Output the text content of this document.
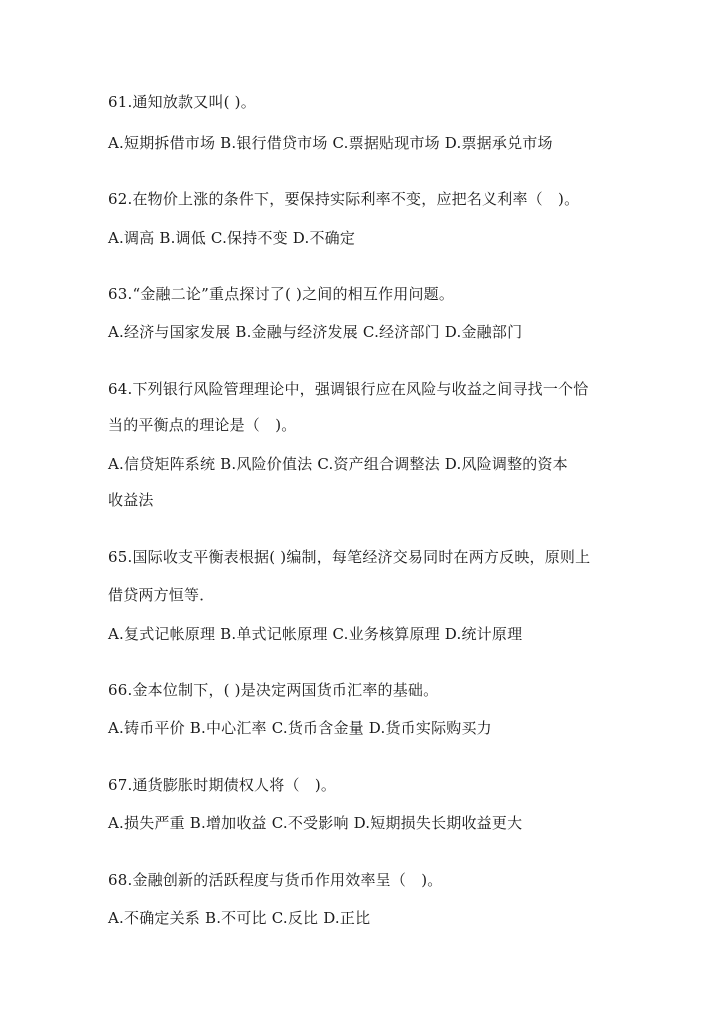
61.通知放款又叫( )。
A.短期拆借市场 B.银行借贷市场 C.票据贴现市场 D.票据承兑市场
62.在物价上涨的条件下，要保持实际利率不变，应把名义利率（　)。
A.调高 B.调低 C.保持不变 D.不确定
63.“金融二论”重点探讨了( )之间的相互作用问题。
A.经济与国家发展 B.金融与经济发展 C.经济部门 D.金融部门
64.下列银行风险管理理论中，强调银行应在风险与收益之间寻找一个恰
当的平衡点的理论是（　)。
A.信贷矩阵系统 B.风险价值法 C.资产组合调整法 D.风险调整的资本
收益法
65.国际收支平衡表根据( )编制，每笔经济交易同时在两方反映，原则上
借贷两方恒等．
A.复式记帐原理 B.单式记帐原理 C.业务核算原理 D.统计原理
66.金本位制下，( )是决定两国货币汇率的基础。
A.铸币平价 B.中心汇率 C.货币含金量 D.货币实际购买力
67.通货膨胀时期债权人将（　)。
A.损失严重 B.增加收益 C.不受影响 D.短期损失长期收益更大
68.金融创新的活跃程度与货币作用效率呈（　)。
A.不确定关系 B.不可比 C.反比 D.正比
